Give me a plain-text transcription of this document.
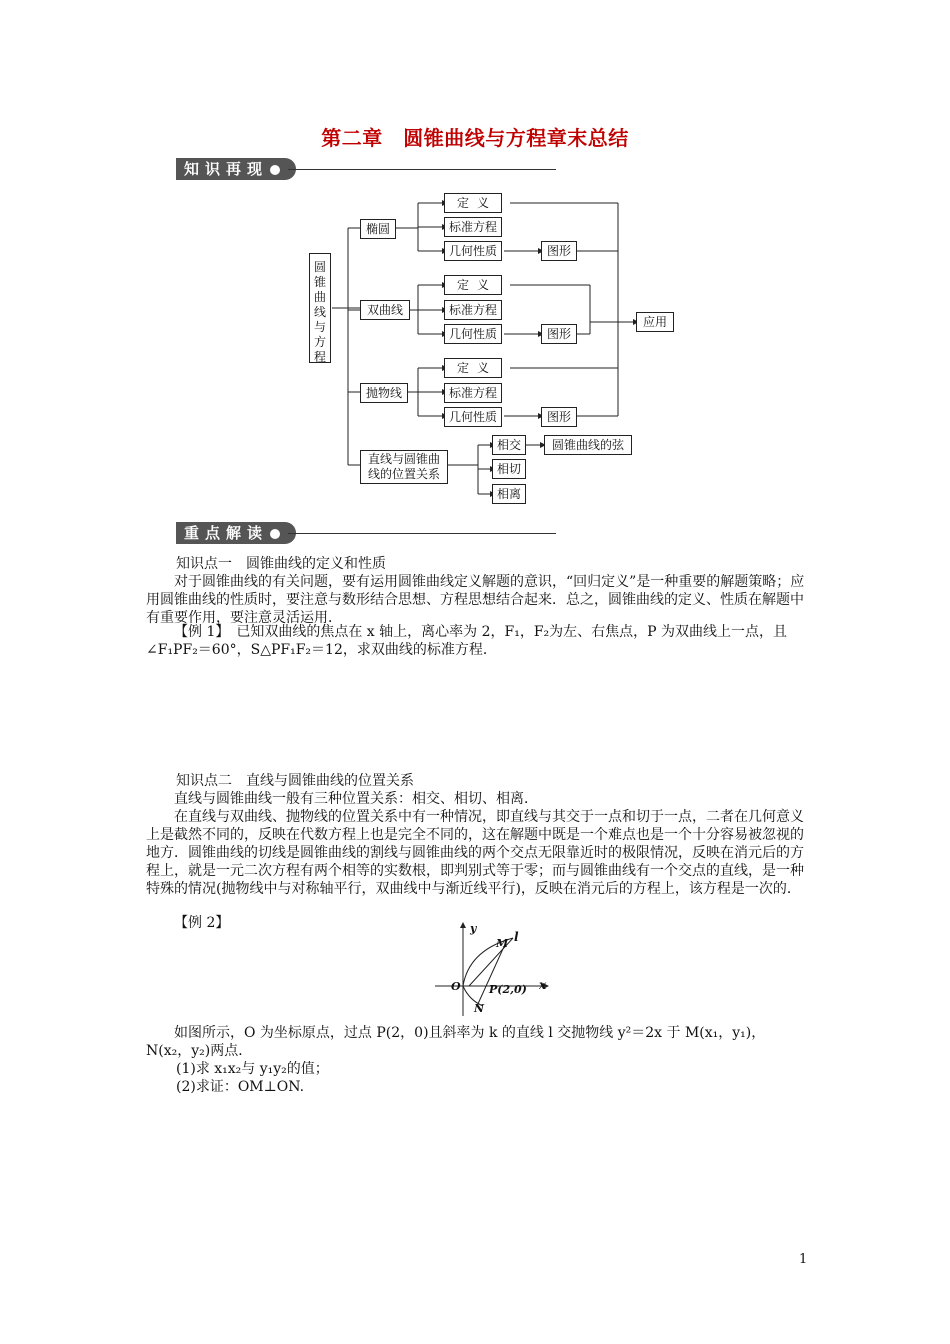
第二章　圆锥曲线与方程章末总结
知识再现
圆锥曲线与方程
椭圆
双曲线
抛物线
直线与圆锥曲线的位置关系
定义
标准方程
几何性质	图形
定义
标准方程
几何性质	图形
应用
定义
标准方程
几何性质	图形
相交
相切
相离
圆锥曲线的弦
重点解读
知识点一　圆锥曲线的定义和性质
对于圆锥曲线的有关问题，要有运用圆锥曲线定义解题的意识，“回归定义”是一种重要的解题策略；应用圆锥曲线的性质时，要注意与数形结合思想、方程思想结合起来．总之，圆锥曲线的定义、性质在解题中有重要作用，要注意灵活运用．
【例 1】　已知双曲线的焦点在 x 轴上，离心率为 2，F₁，F₂为左、右焦点，P 为双曲线上一点，且∠F₁PF₂＝60°，S△PF₁F₂＝12，求双曲线的标准方程．
知识点二　直线与圆锥曲线的位置关系
直线与圆锥曲线一般有三种位置关系：相交、相切、相离．
在直线与双曲线、抛物线的位置关系中有一种情况，即直线与其交于一点和切于一点，二者在几何意义上是截然不同的，反映在代数方程上也是完全不同的，这在解题中既是一个难点也是一个十分容易被忽视的地方．圆锥曲线的切线是圆锥曲线的割线与圆锥曲线的两个交点无限靠近时的极限情况，反映在消元后的方程上，就是一元二次方程有两个相等的实数根，即判别式等于零；而与圆锥曲线有一个交点的直线，是一种特殊的情况(抛物线中与对称轴平行，双曲线中与渐近线平行)，反映在消元后的方程上，该方程是一次的．
【例 2】	y
x
M l
O	P(2,0)
N
如图所示，O 为坐标原点，过点 P(2，0)且斜率为 k 的直线 l 交抛物线 y²＝2x 于 M(x₁，y₁)，N(x₂，y₂)两点．
(1)求 x₁x₂与 y₁y₂的值；
(2)求证：OM⊥ON.
1
